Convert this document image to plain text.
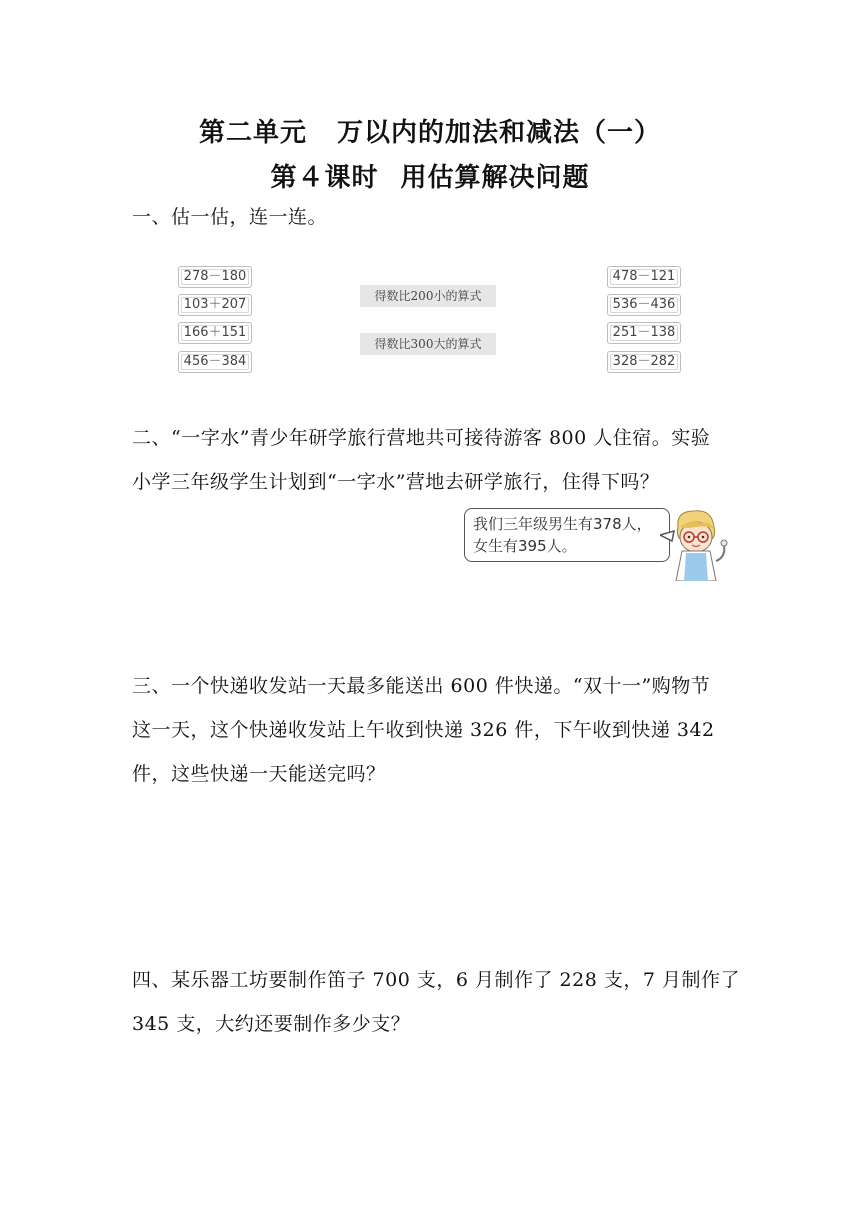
第二单元 万以内的加法和减法（一）
第４课时 用估算解决问题
一、估一估，连一连。
278－180
103＋207
166＋151
456－384
得数比200小的算式
得数比300大的算式
478－121
536－436
251－138
328－282
二、“一字水”青少年研学旅行营地共可接待游客 800 人住宿。实验
小学三年级学生计划到“一字水”营地去研学旅行，住得下吗？
我们三年级男生有378人，
女生有395人。
三、一个快递收发站一天最多能送出 600 件快递。“双十一”购物节
这一天，这个快递收发站上午收到快递 326 件，下午收到快递 342
件，这些快递一天能送完吗？
四、某乐器工坊要制作笛子 700 支，6 月制作了 228 支，7 月制作了
345 支，大约还要制作多少支？
